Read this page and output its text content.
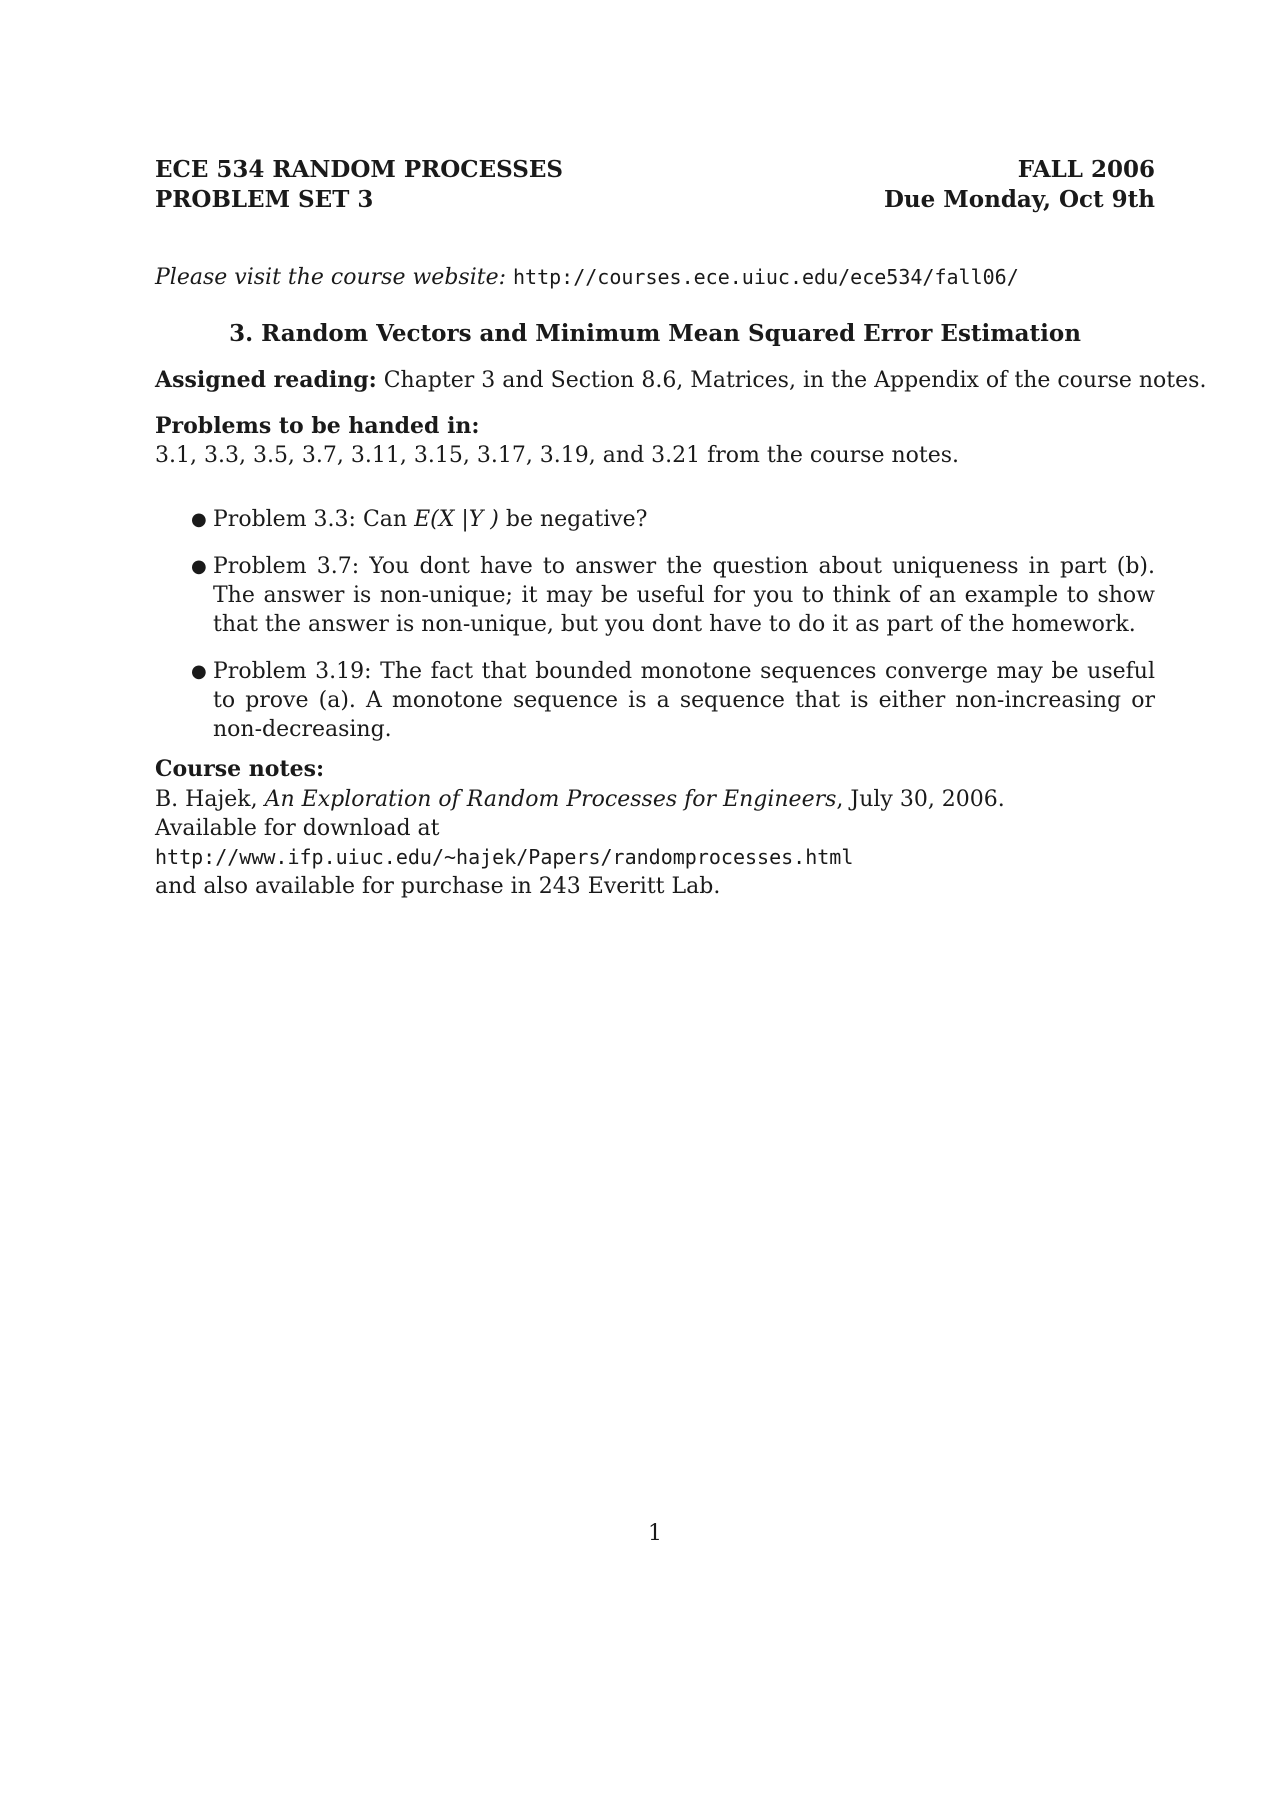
ECE 534 RANDOM PROCESSES
PROBLEM SET 3
FALL 2006
Due Monday, Oct 9th
Please visit the course website: http://courses.ece.uiuc.edu/ece534/fall06/
3. Random Vectors and Minimum Mean Squared Error Estimation
Assigned reading: Chapter 3 and Section 8.6, Matrices, in the Appendix of the course notes.
Problems to be handed in:
3.1, 3.3, 3.5, 3.7, 3.11, 3.15, 3.17, 3.19, and 3.21 from the course notes.
● Problem 3.3: Can E(X |Y ) be negative?
● Problem 3.7: You dont have to answer the question about uniqueness in part (b). The answer is non-unique; it may be useful for you to think of an example to show that the answer is non-unique, but you dont have to do it as part of the homework.
● Problem 3.19: The fact that bounded monotone sequences converge may be useful to prove (a). A monotone sequence is a sequence that is either non-increasing or non-decreasing.
Course notes:
B. Hajek, An Exploration of Random Processes for Engineers, July 30, 2006.
Available for download at
http://www.ifp.uiuc.edu/~hajek/Papers/randomprocesses.html
and also available for purchase in 243 Everitt Lab.
1
